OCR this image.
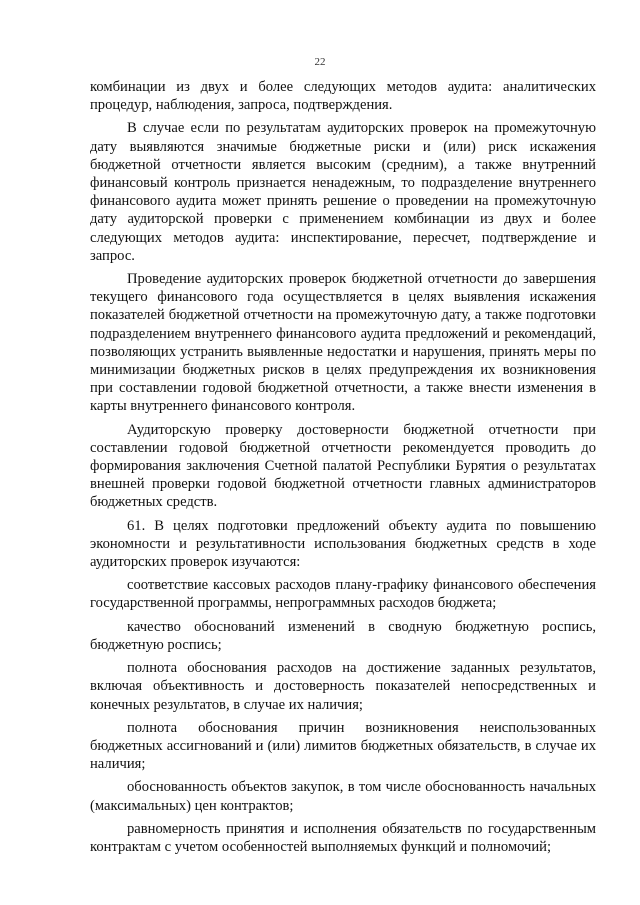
22

комбинации из двух и более следующих методов аудита: аналитических процедур, наблюдения, запроса, подтверждения.

В случае если по результатам аудиторских проверок на промежуточную дату выявляются значимые бюджетные риски и (или) риск искажения бюджетной отчетности является высоким (средним), а также внутренний финансовый контроль признается ненадежным, то подразделение внутреннего финансового аудита может принять решение о проведении на промежуточную дату аудиторской проверки с применением комбинации из двух и более следующих методов аудита: инспектирование, пересчет, подтверждение и запрос.

Проведение аудиторских проверок бюджетной отчетности до завершения текущего финансового года осуществляется в целях выявления искажения показателей бюджетной отчетности на промежуточную дату, а также подготовки подразделением внутреннего финансового аудита предложений и рекомендаций, позволяющих устранить выявленные недостатки и нарушения, принять меры по минимизации бюджетных рисков в целях предупреждения их возникновения при составлении годовой бюджетной отчетности, а также внести изменения в карты внутреннего финансового контроля.

Аудиторскую проверку достоверности бюджетной отчетности при составлении годовой бюджетной отчетности рекомендуется проводить до формирования заключения Счетной палатой Республики Бурятия о результатах внешней проверки годовой бюджетной отчетности главных администраторов бюджетных средств.

61. В целях подготовки предложений объекту аудита по повышению экономности и результативности использования бюджетных средств в ходе аудиторских проверок изучаются:

соответствие кассовых расходов плану-графику финансового обеспечения государственной программы, непрограммных расходов бюджета;

качество обоснований изменений в сводную бюджетную роспись, бюджетную роспись;

полнота обоснования расходов на достижение заданных результатов, включая объективность и достоверность показателей непосредственных и конечных результатов, в случае их наличия;

полнота обоснования причин возникновения неиспользованных бюджетных ассигнований и (или) лимитов бюджетных обязательств, в случае их наличия;

обоснованность объектов закупок, в том числе обоснованность начальных (максимальных) цен контрактов;

равномерность принятия и исполнения обязательств по государственным контрактам с учетом особенностей выполняемых функций и полномочий;
